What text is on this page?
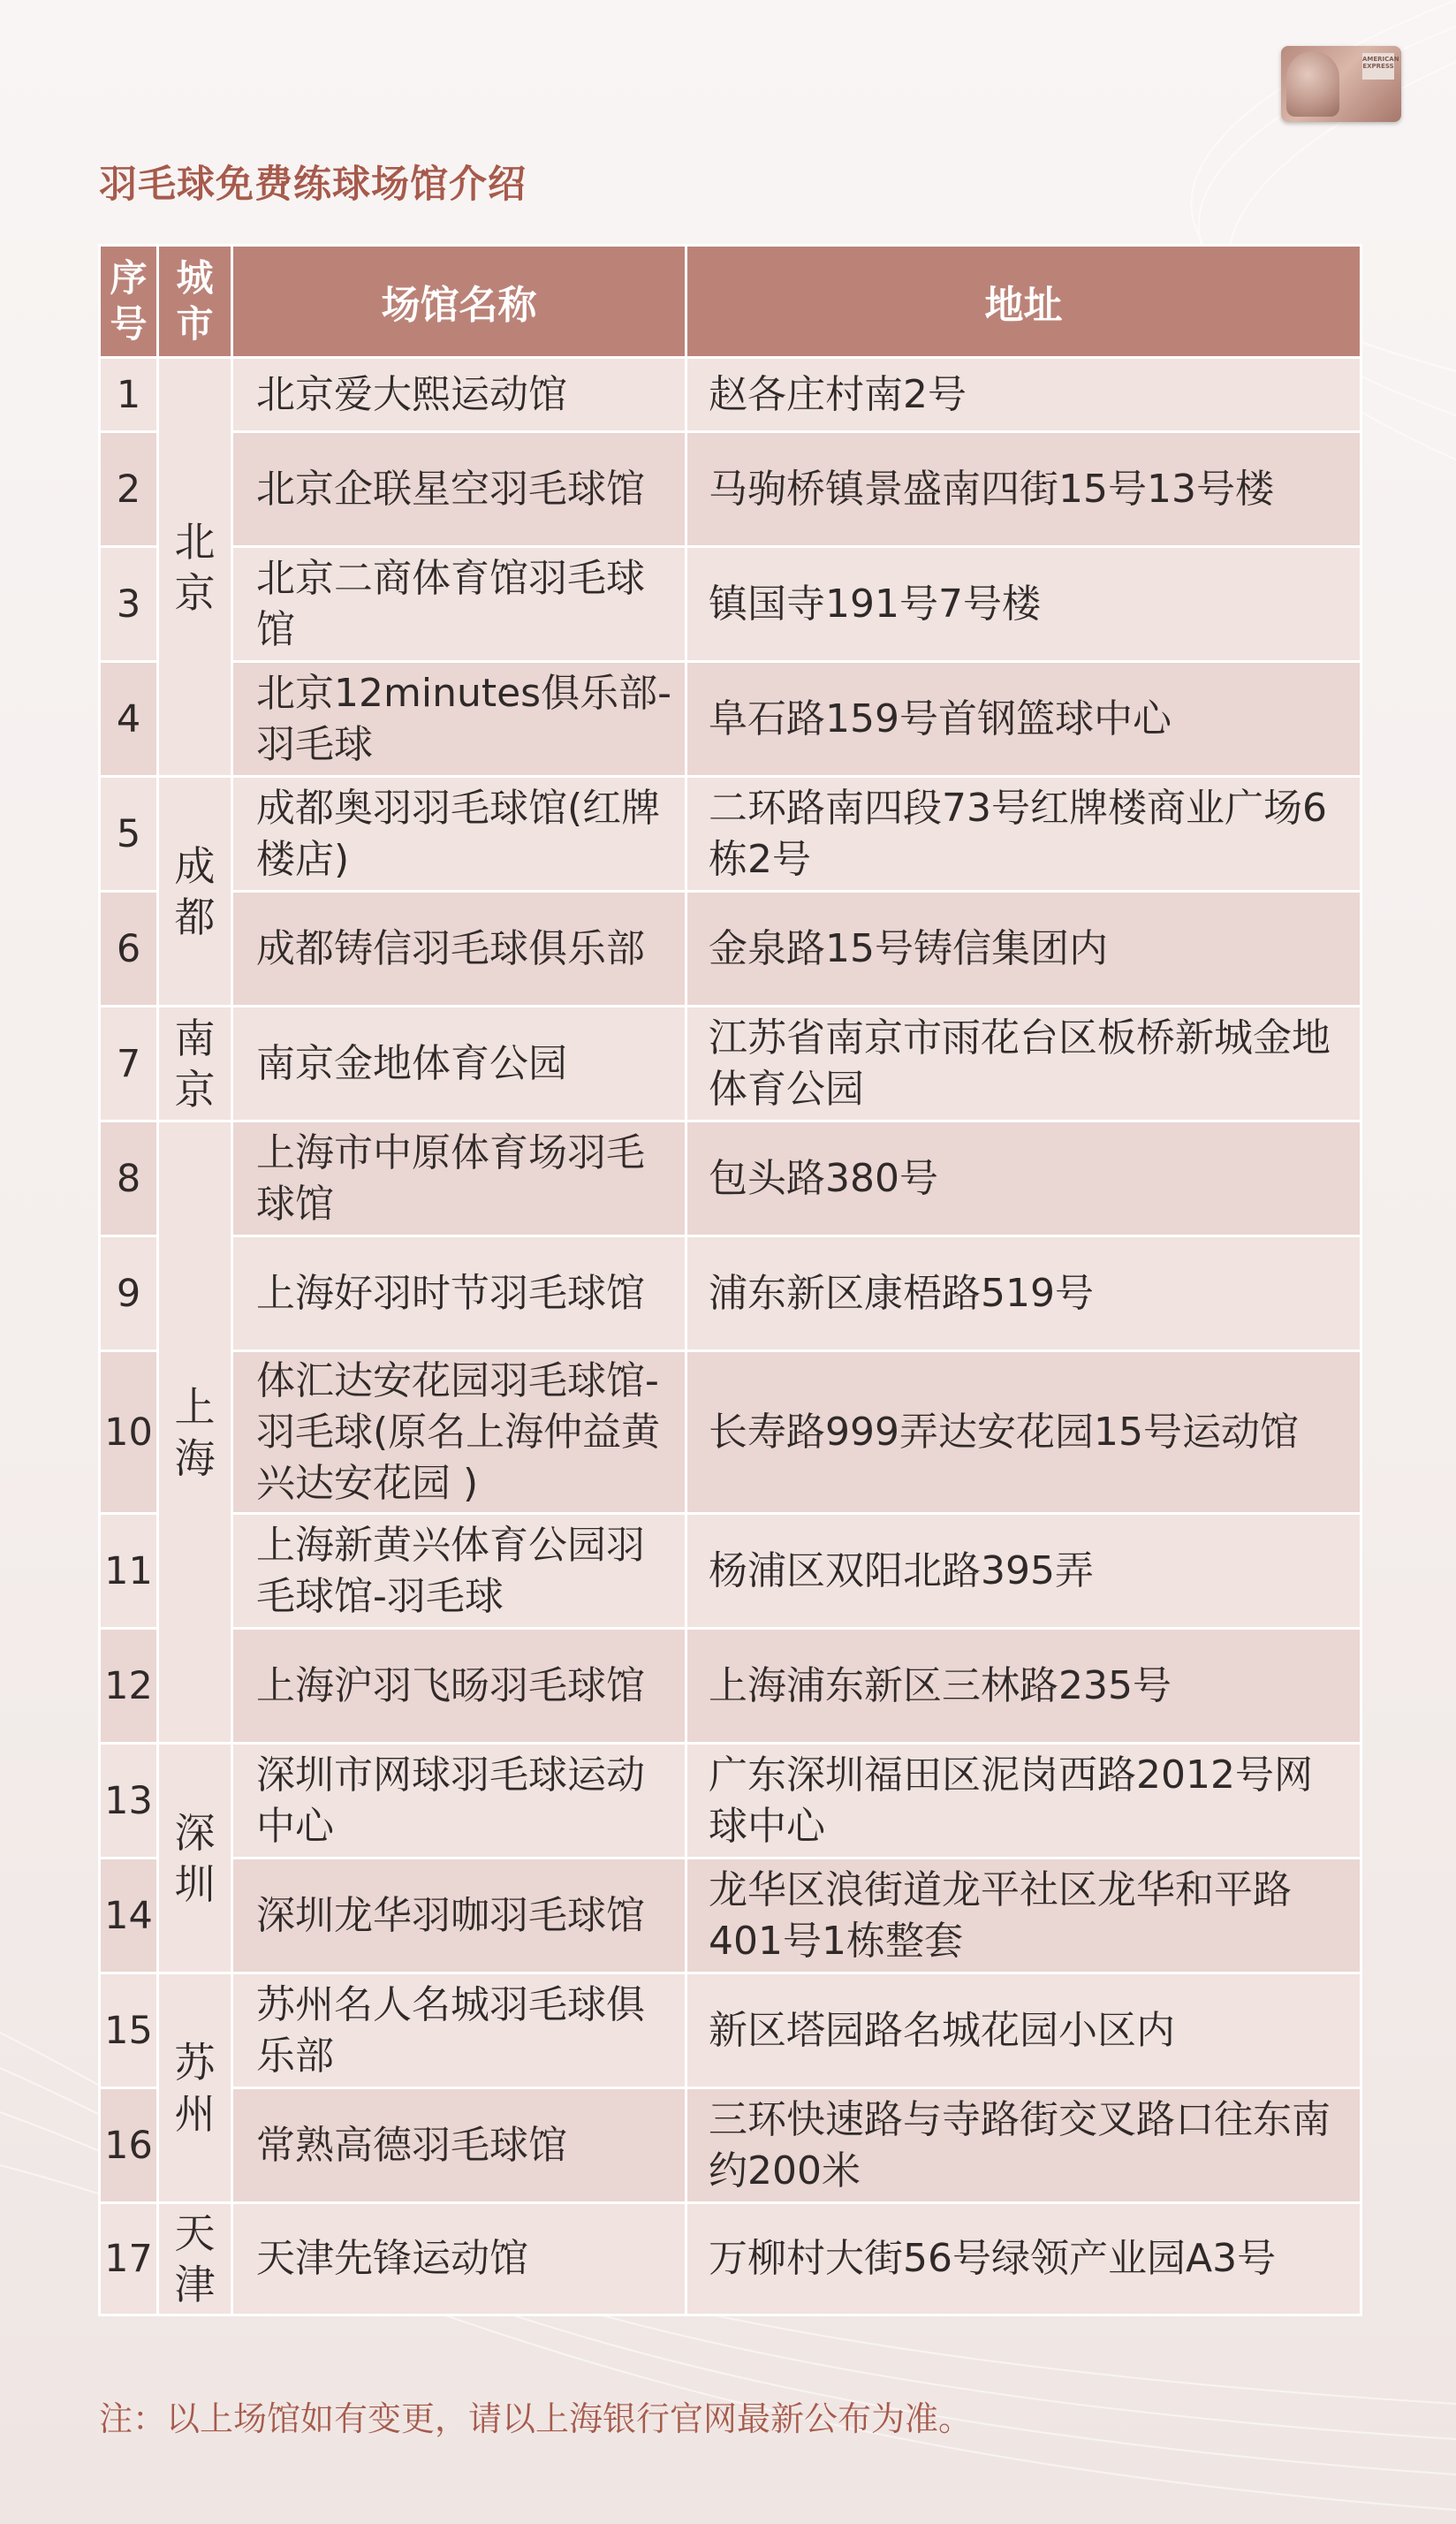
AMERICAN EXPRESS
羽毛球免费练球场馆介绍
序号	城市	场馆名称	地址
1	北京	北京爱大熙运动馆	赵各庄村南2号
2		北京企联星空羽毛球馆	马驹桥镇景盛南四街15号13号楼
3		北京二商体育馆羽毛球馆	镇国寺191号7号楼
4		北京12minutes俱乐部-羽毛球	阜石路159号首钢篮球中心
5	成都	成都奥羽羽毛球馆(红牌楼店)	二环路南四段73号红牌楼商业广场6栋2号
6		成都铸信羽毛球俱乐部	金泉路15号铸信集团内
7	南京	南京金地体育公园	江苏省南京市雨花台区板桥新城金地体育公园
8	上海	上海市中原体育场羽毛球馆	包头路380号
9		上海好羽时节羽毛球馆	浦东新区康梧路519号
10		体汇达安花园羽毛球馆-羽毛球(原名上海仲益黄兴达安花园 )	长寿路999弄达安花园15号运动馆
11		上海新黄兴体育公园羽毛球馆-羽毛球	杨浦区双阳北路395弄
12		上海沪羽飞旸羽毛球馆	上海浦东新区三林路235号
13	深圳	深圳市网球羽毛球运动中心	广东深圳福田区泥岗西路2012号网球中心
14		深圳龙华羽咖羽毛球馆	龙华区浪街道龙平社区龙华和平路401号1栋整套
15	苏州	苏州名人名城羽毛球俱乐部	新区塔园路名城花园小区内
16		常熟高德羽毛球馆	三环快速路与寺路街交叉路口往东南约200米
17	天津	天津先锋运动馆	万柳村大街56号绿领产业园A3号
注：以上场馆如有变更，请以上海银行官网最新公布为准。
